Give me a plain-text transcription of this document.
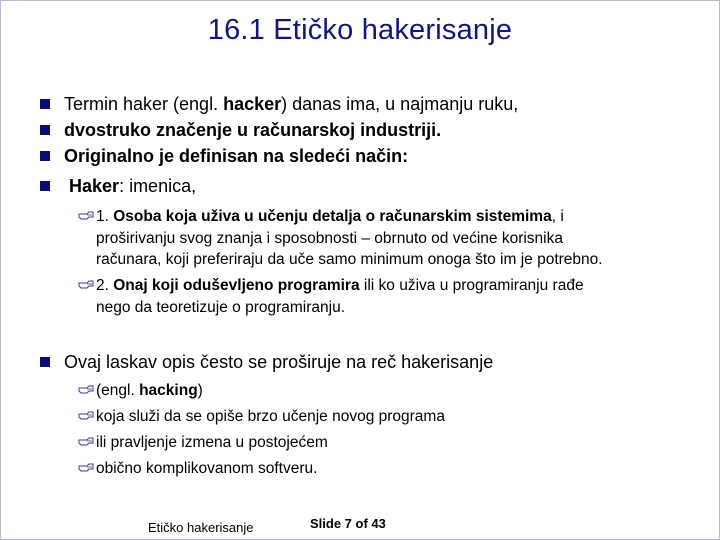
16.1 Etičko hakerisanje
Termin haker (engl. hacker) danas ima, u najmanju ruku,
dvostruko značenje u računarskoj industriji.
Originalno je definisan na sledeći način:
Haker: imenica,
1. Osoba koja uživa u učenju detalja o računarskim sistemima, i
proširivanju svog znanja i sposobnosti – obrnuto od većine korisnika
računara, koji preferiraju da uče samo minimum onoga što im je potrebno.
2. Onaj koji oduševljeno programira ili ko uživa u programiranju rađe
nego da teoretizuje o programiranju.
Ovaj laskav opis često se proširuje na reč hakerisanje
(engl. hacking)
koja služi da se opiše brzo učenje novog programa
ili pravljenje izmena u postojećem
obično komplikovanom softveru.
Etičko hakerisanje	Slide 7 of 43
